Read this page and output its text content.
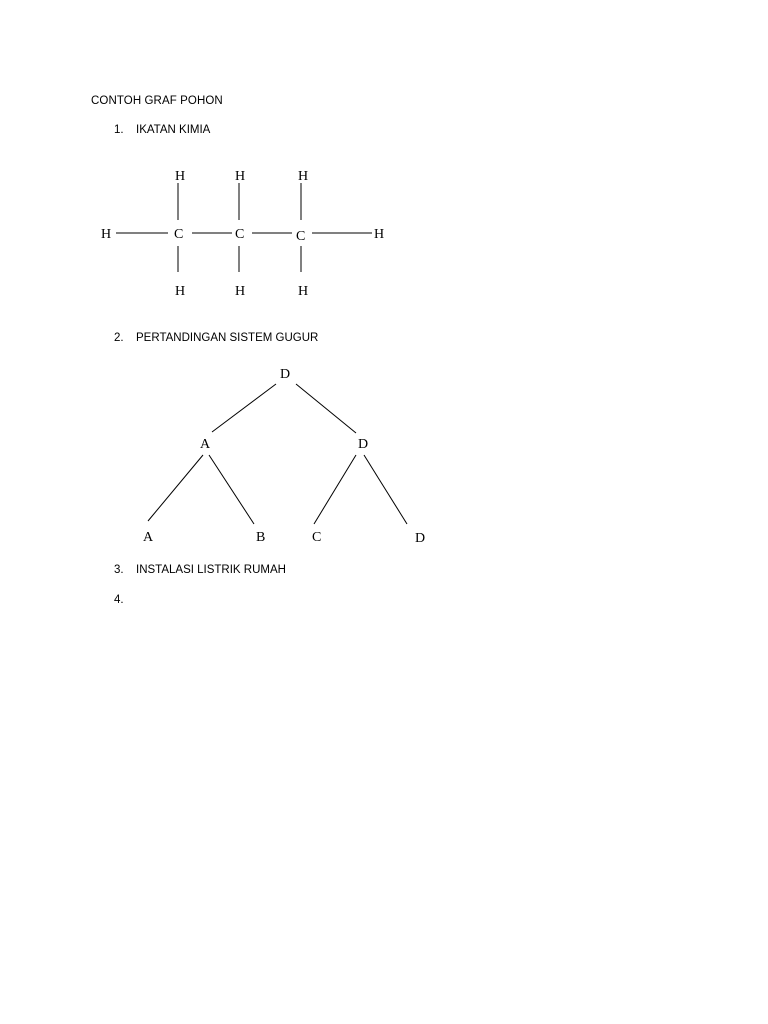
CONTOH GRAF POHON
1. IKATAN KIMIA
H	C	C	C	H
H	H	H
H	H	H
2. PERTANDINGAN SISTEM GUGUR
D
A	D
A	B	C	D
3. INSTALASI LISTRIK RUMAH
4.
